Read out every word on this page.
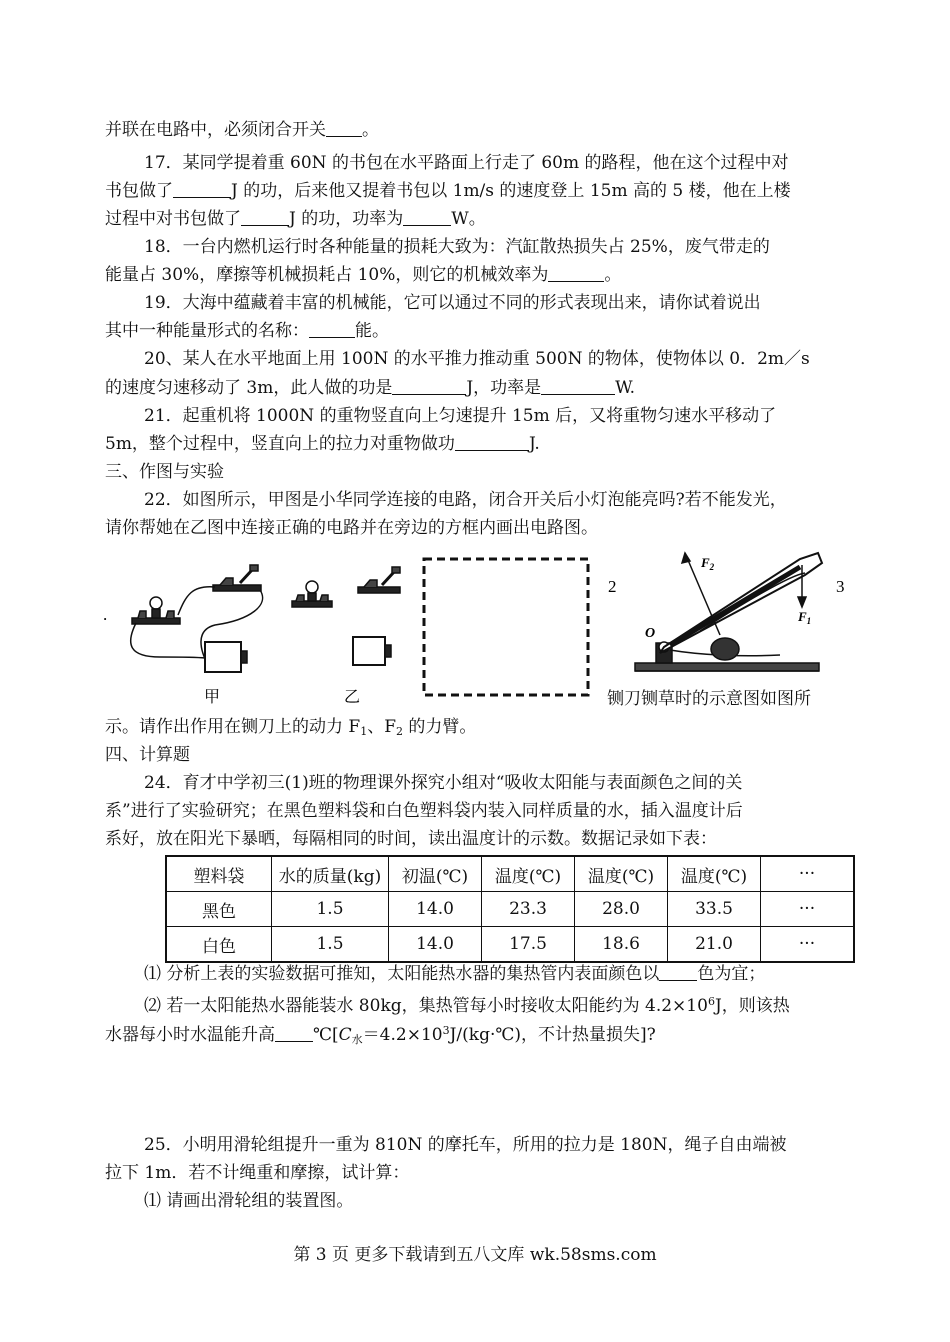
并联在电路中，必须闭合开关 。
17．某同学提着重 60N 的书包在水平路面上行走了 60m 的路程，他在这个过程中对
书包做了	J 的功，后来他又提着书包以 1m/s 的速度登上 15m 高的 5 楼，他在上楼
过程中对书包做了	J 的功，功率为	W。
18．一台内燃机运行时各种能量的损耗大致为：汽缸散热损失占 25%，废气带走的
能量占 30%，摩擦等机械损耗占 10%，则它的机械效率为	。
19．大海中蕴藏着丰富的机械能，它可以通过不同的形式表现出来，请你试着说出
其中一种能量形式的名称：	能。
20、某人在水平地面上用 100N 的水平推力推动重 500N 的物体，使物体以 0．2m／s
的速度匀速移动了 3m，此人做的功是	J，功率是	W.
21．起重机将 1000N 的重物竖直向上匀速提升 15m 后，又将重物匀速水平移动了
5m，整个过程中，竖直向上的拉力对重物做功	J.
三、作图与实验
22．如图所示，甲图是小华同学连接的电路，闭合开关后小灯泡能亮吗?若不能发光，
请你帮她在乙图中连接正确的电路并在旁边的方框内画出电路图。
.
甲	乙
2
$F_2$
$F_1$
O
3
铡刀铡草时的示意图如图所
示。请作出作用在铡刀上的动力 $F_1$、$F_2$ 的力臂。
四、计算题
24．育才中学初三(1)班的物理课外探究小组对“吸收太阳能与表面颜色之间的关
系”进行了实验研究；在黑色塑料袋和白色塑料袋内装入同样质量的水，插入温度计后
系好，放在阳光下暴晒，每隔相同的时间，读出温度计的示数。数据记录如下表：
塑料袋	水的质量(kg)	初温(℃)	温度(℃)	温度(℃)	温度(℃)	···
黑色	1.5	14.0	23.3	28.0	33.5	···
白色	1.5	14.0	17.5	18.6	21.0	···
⑴ 分析上表的实验数据可推知，太阳能热水器的集热管内表面颜色以 色为宜；
⑵ 若一太阳能热水器能装水 80kg，集热管每小时接收太阳能约为 $4.2\times 10^6J$，则该热
水器每小时水温能升高 $℃[C_水=4.2\times 10^3J/(kg\cdot℃)$，不计热量损失]?
25．小明用滑轮组提升一重为 810N 的摩托车，所用的拉力是 180N，绳子自由端被
拉下 1m．若不计绳重和摩擦，试计算：
⑴ 请画出滑轮组的装置图。
第 3 页 更多下载请到五八文库 wk.58sms.com
